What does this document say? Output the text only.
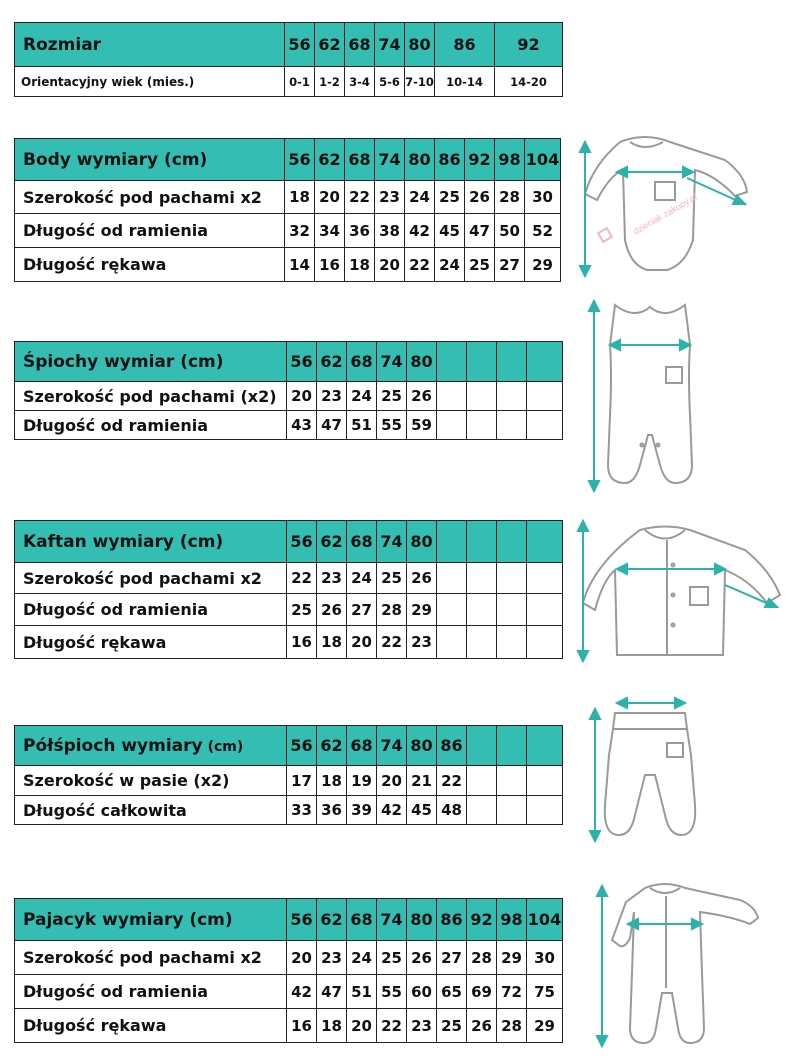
Rozmiar	56	62	68	74	80	86	92
Orientacyjny wiek (mies.)	0-1	1-2	3-4	5-6	7-10	10-14	14-20
Body wymiary (cm)	56	62	68	74	80	86	92	98	104
Szerokość pod pachami x2	18	20	22	23	24	25	26	28	30
Długość od ramienia	32	34	36	38	42	45	47	50	52
Długość rękawa	14	16	18	20	22	24	25	27	29
Śpiochy wymiar (cm)	56	62	68	74	80				
Szerokość pod pachami (x2)	20	23	24	25	26				
Długość od ramienia	43	47	51	55	59				
Kaftan wymiary (cm)	56	62	68	74	80				
Szerokość pod pachami x2	22	23	24	25	26				
Długość od ramienia	25	26	27	28	29				
Długość rękawa	16	18	20	22	23				
Półśpioch wymiary (cm)	56	62	68	74	80	86			
Szerokość w pasie (x2)	17	18	19	20	21	22			
Długość całkowita	33	36	39	42	45	48			
Pajacyk wymiary (cm)	56	62	68	74	80	86	92	98	104
Szerokość pod pachami x2	20	23	24	25	26	27	28	29	30
Długość od ramienia	42	47	51	55	60	65	69	72	75
Długość rękawa	16	18	20	22	23	25	26	28	29
dzieciak zakupy.pl
